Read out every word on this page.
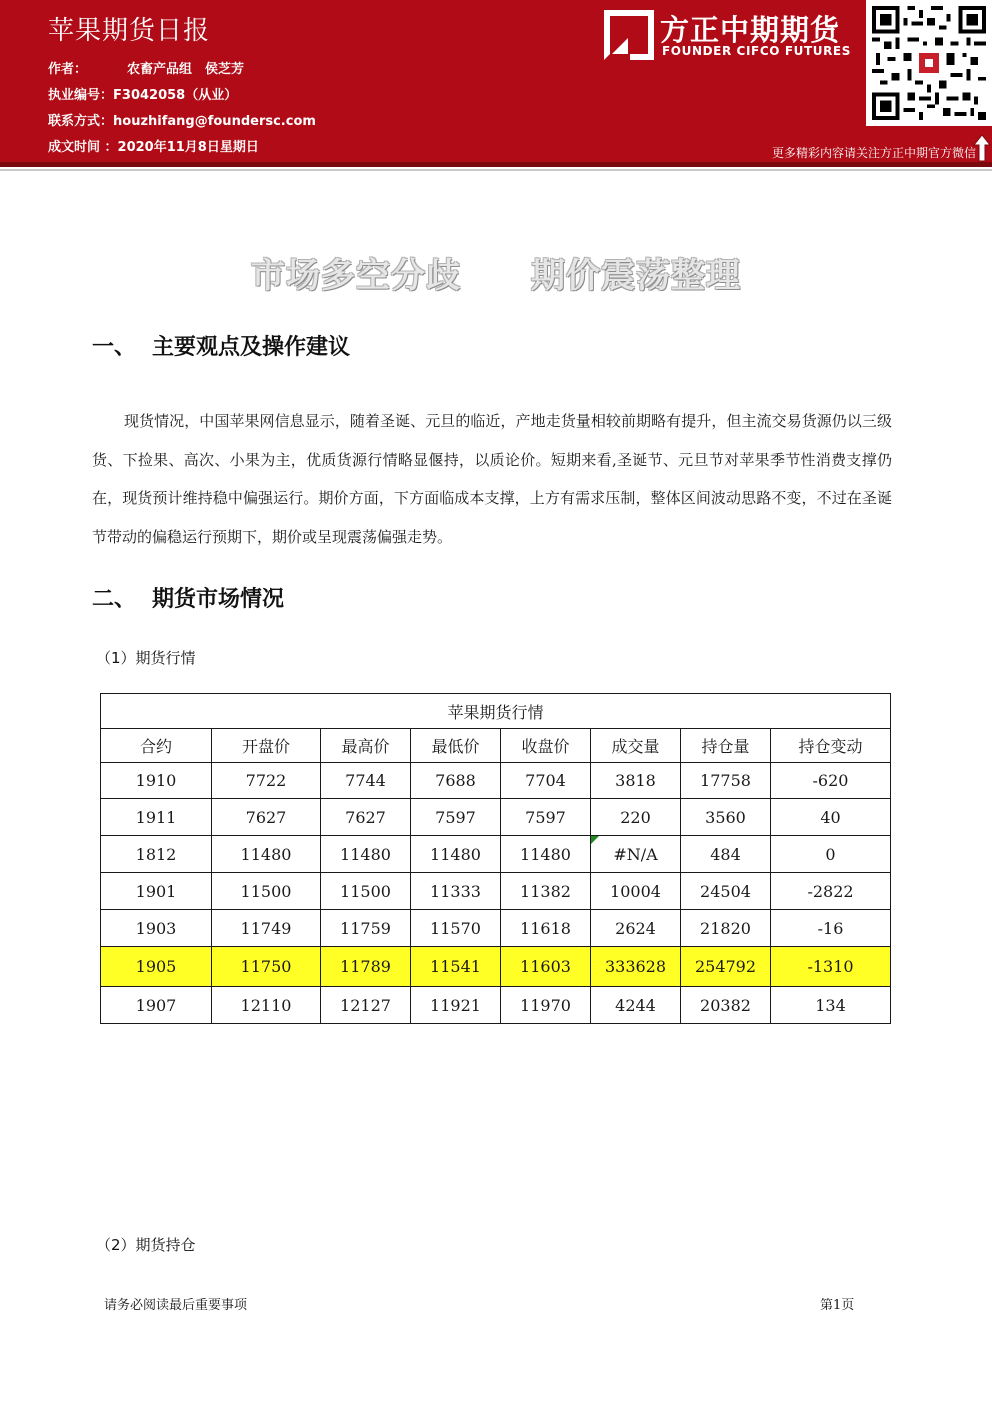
苹果期货日报
作者：	农畜产品组　侯芝芳
执业编号：F3042058（从业）
联系方式：houzhifang@foundersc.com
成文时间 ：2020年11月8日星期日
方正中期期货
FOUNDER CIFCO FUTURES
更多精彩内容请关注方正中期官方微信
市场多空分歧　　期价震荡整理
一、 主要观点及操作建议

现货情况，中国苹果网信息显示，随着圣诞、元旦的临近，产地走货量相较前期略有提升，但主流交易货源仍以三级货、下捡果、高次、小果为主，优质货源行情略显偃持，以质论价。短期来看,圣诞节、元旦节对苹果季节性消费支撑仍在，现货预计维持稳中偏强运行。期价方面，下方面临成本支撑，上方有需求压制，整体区间波动思路不变，不过在圣诞节带动的偏稳运行预期下，期价或呈现震荡偏强走势。

二、 期货市场情况
（1）期货行情
苹果期货行情							
合约	开盘价	最高价	最低价	收盘价	成交量	持仓量	持仓变动
1910	7722	7744	7688	7704	3818	17758	-620
1911	7627	7627	7597	7597	220	3560	40
1812	11480	11480	11480	11480	#N/A	484	0
1901	11500	11500	11333	11382	10004	24504	-2822
1903	11749	11759	11570	11618	2624	21820	-16
1905	11750	11789	11541	11603	333628	254792	-1310
1907	12110	12127	11921	11970	4244	20382	134
（2）期货持仓
请务必阅读最后重要事项	第1页
